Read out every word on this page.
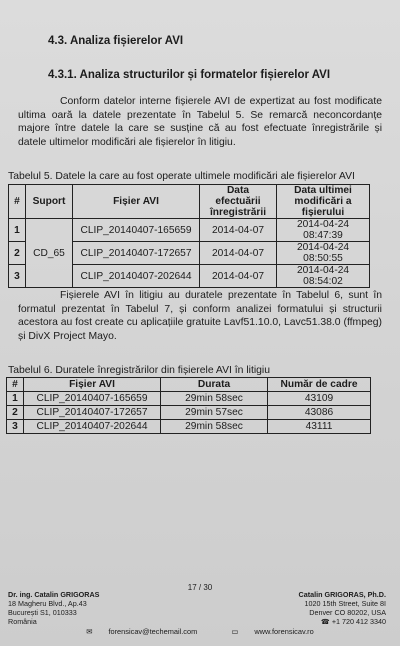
4.3. Analiza fișierelor AVI
4.3.1. Analiza structurilor și formatelor fișierelor AVI
Conform datelor interne fișierele AVI de expertizat au fost modificate ultima oară la datele prezentate în Tabelul 5. Se remarcă neconcordanțe majore între datele la care se susține că au fost efectuate înregistrările și datele ultimelor modificări ale fișierelor în litigiu.
Tabelul 5. Datele la care au fost operate ultimele modificări ale fișierelor AVI
#	Suport	Fișier AVI	Data efectuării înregistrării	Data ultimei modificări a fișierului
1	CD_65	CLIP_20140407-165659	2014-04-07	2014-04-24 08:47:39
2		CLIP_20140407-172657	2014-04-07	2014-04-24 08:50:55
3		CLIP_20140407-202644	2014-04-07	2014-04-24 08:54:02
Fișierele AVI în litigiu au duratele prezentate în Tabelul 6, sunt în formatul prezentat în Tabelul 7, și conform analizei formatului și structurii acestora au fost create cu aplicațiile gratuite Lavf51.10.0, Lavc51.38.0 (ffmpeg) și DivX Project Mayo.
Tabelul 6. Duratele înregistrărilor din fișierele AVI în litigiu
#	Fișier AVI	Durata	Număr de cadre
1	CLIP_20140407-165659	29min 58sec	43109
2	CLIP_20140407-172657	29min 57sec	43086
3	CLIP_20140407-202644	29min 58sec	43111
17 / 30
Dr. ing. Catalin GRIGORAS
18 Magheru Blvd., Ap.43
București S1, 010333
România
Catalin GRIGORAS, Ph.D.
1020 15th Street, Suite 8I
Denver CO 80202, USA
☎ +1 720 412 3340
✉forensicav@techemail.com	▭www.forensicav.ro
